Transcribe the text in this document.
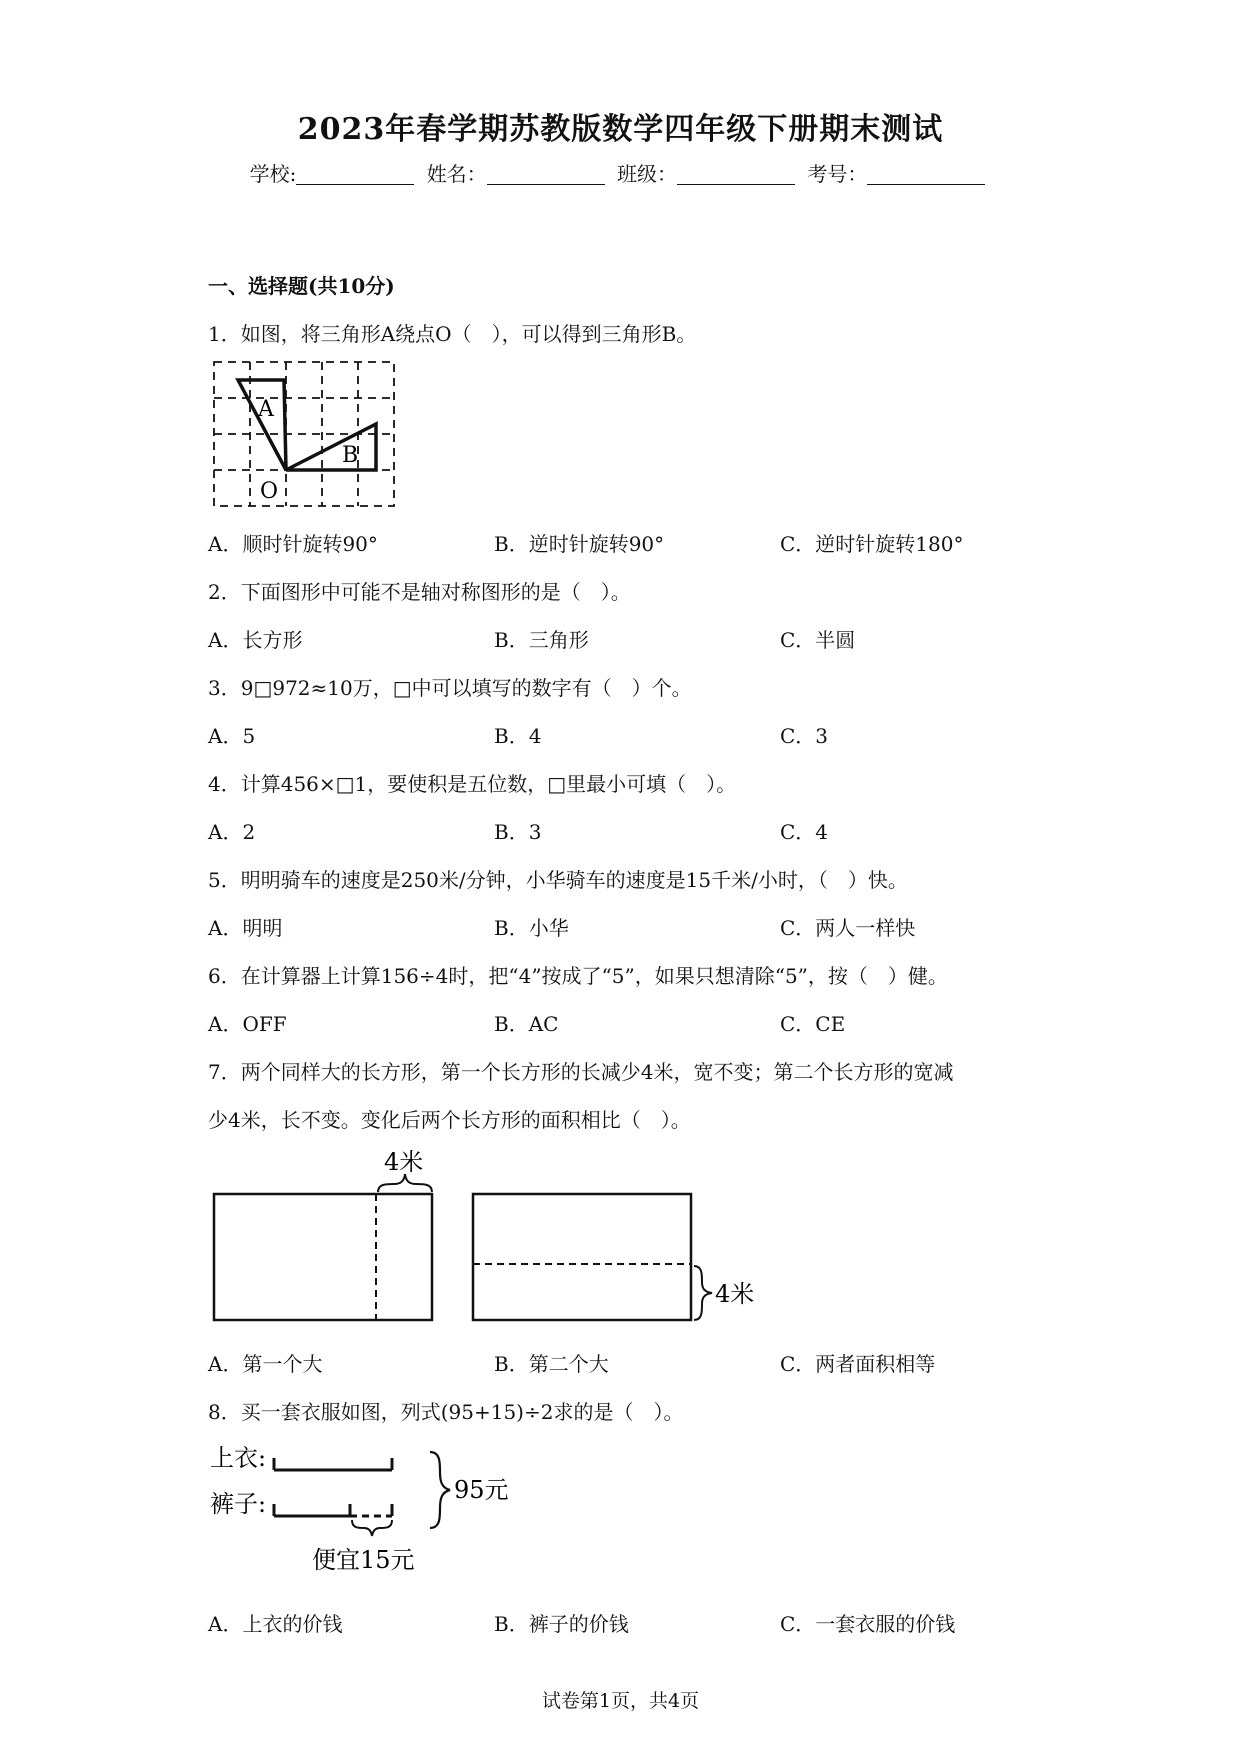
2023年春学期苏教版数学四年级下册期末测试
学校:	姓名：	班级：	考号：
一、选择题(共10分)
1．如图，将三角形A绕点O（　），可以得到三角形B。
A
B
O
A．顺时针旋转90°	B．逆时针旋转90°	C．逆时针旋转180°
2．下面图形中可能不是轴对称图形的是（　）。
A．长方形	B．三角形	C．半圆
3．9□972≈10万，□中可以填写的数字有（　）个。
A．5	B．4	C．3
4．计算456×□1，要使积是五位数，□里最小可填（　）。
A．2	B．3	C．4
5．明明骑车的速度是250米/分钟，小华骑车的速度是15千米/小时，（　）快。
A．明明	B．小华	C．两人一样快
6．在计算器上计算156÷4时，把“4”按成了“5”，如果只想清除“5”，按（　）健。
A．OFF	B．AC	C．CE
7．两个同样大的长方形，第一个长方形的长减少4米，宽不变；第二个长方形的宽减
少4米，长不变。变化后两个长方形的面积相比（　）。
4米
4米
A．第一个大	B．第二个大	C．两者面积相等
8．买一套衣服如图，列式(95+15)÷2求的是（　）。
上衣:
裤子:
便宜15元
95元
A．上衣的价钱	B．裤子的价钱	C．一套衣服的价钱
试卷第1页，共4页
